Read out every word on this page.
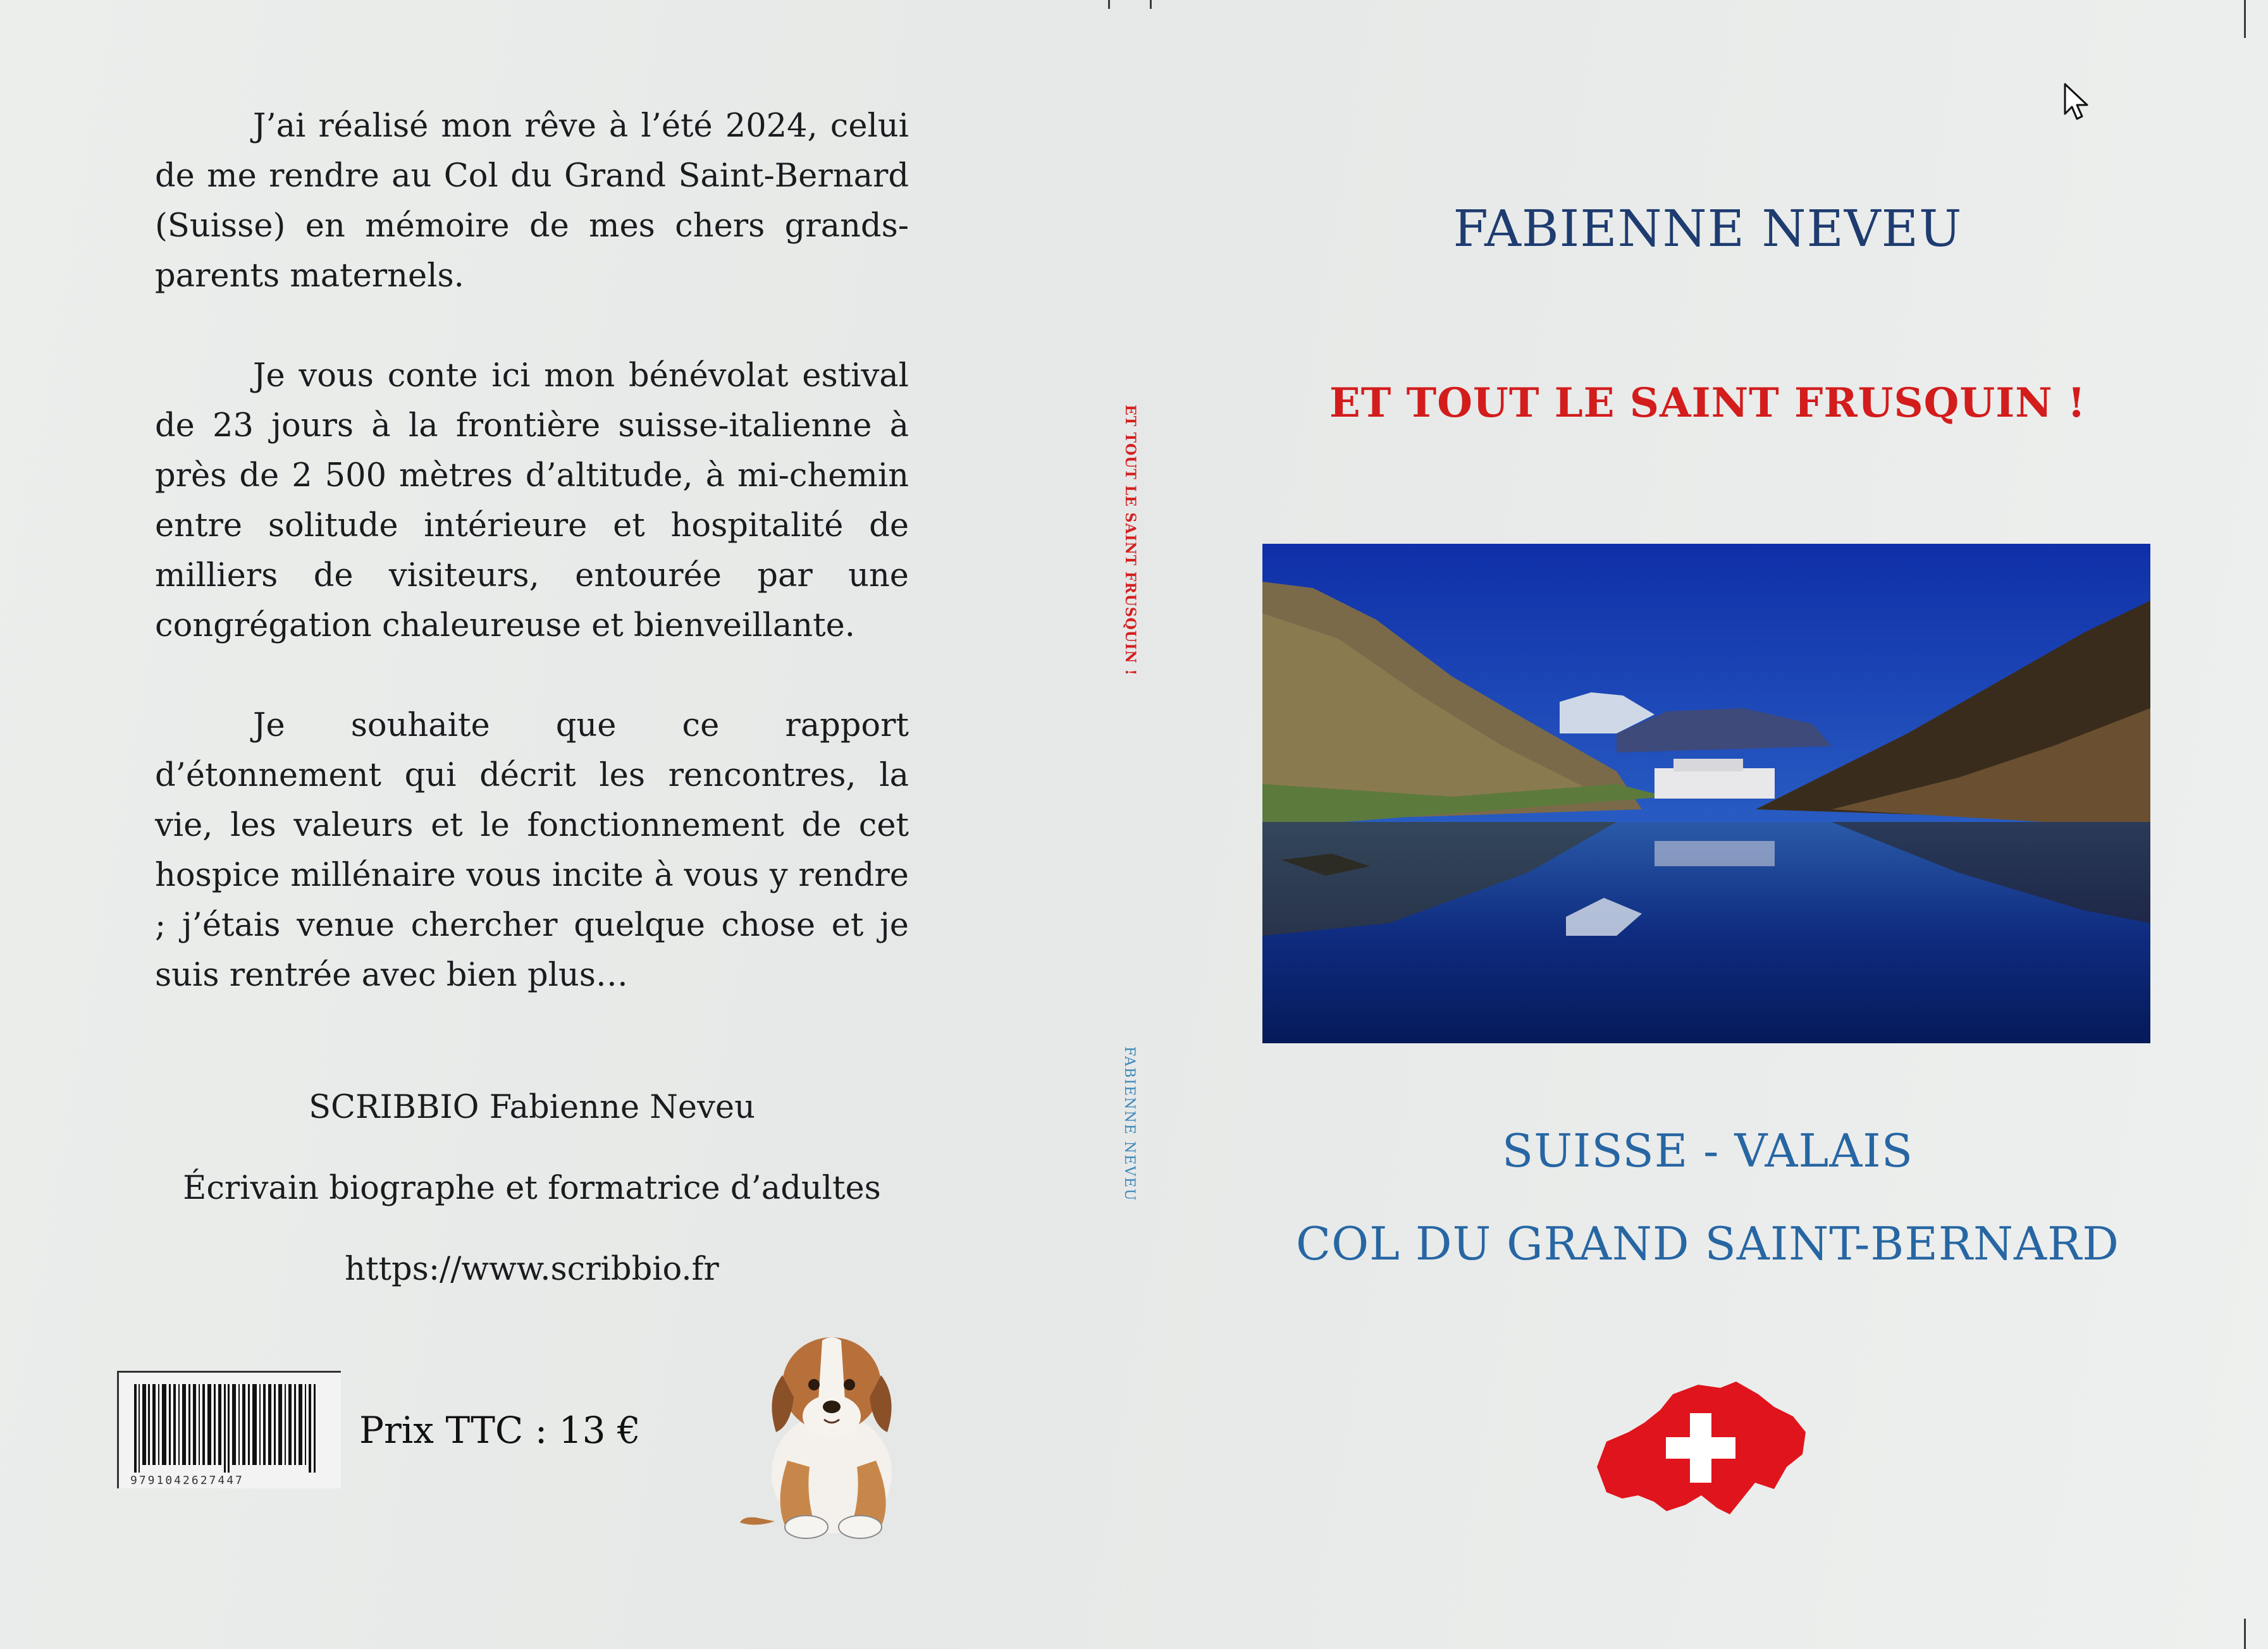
J’ai réalisé mon rêve à l’été 2024, celui de me rendre au Col du Grand Saint-Bernard (Suisse) en mémoire de mes chers grands-parents maternels.

Je vous conte ici mon bénévolat estival de 23 jours à la frontière suisse-italienne à près de 2 500 mètres d’altitude, à mi-chemin entre solitude intérieure et hospitalité de milliers de visiteurs, entourée par une congrégation chaleureuse et bienveillante.

Je souhaite que ce rapport d’étonnement qui décrit les rencontres, la vie, les valeurs et le fonctionnement de cet hospice millénaire vous incite à vous y rendre ; j’étais venue chercher quelque chose et je suis rentrée avec bien plus…

SCRIBBIO Fabienne Neveu
Écrivain biographe et formatrice d’adultes
https://www.scribbio.fr
9791042627447
Prix TTC : 13 €
ET TOUT LE SAINT FRUSQUIN !
FABIENNE NEVEU
FABIENNE NEVEU
ET TOUT LE SAINT FRUSQUIN !
SUISSE - VALAIS
COL DU GRAND SAINT-BERNARD
